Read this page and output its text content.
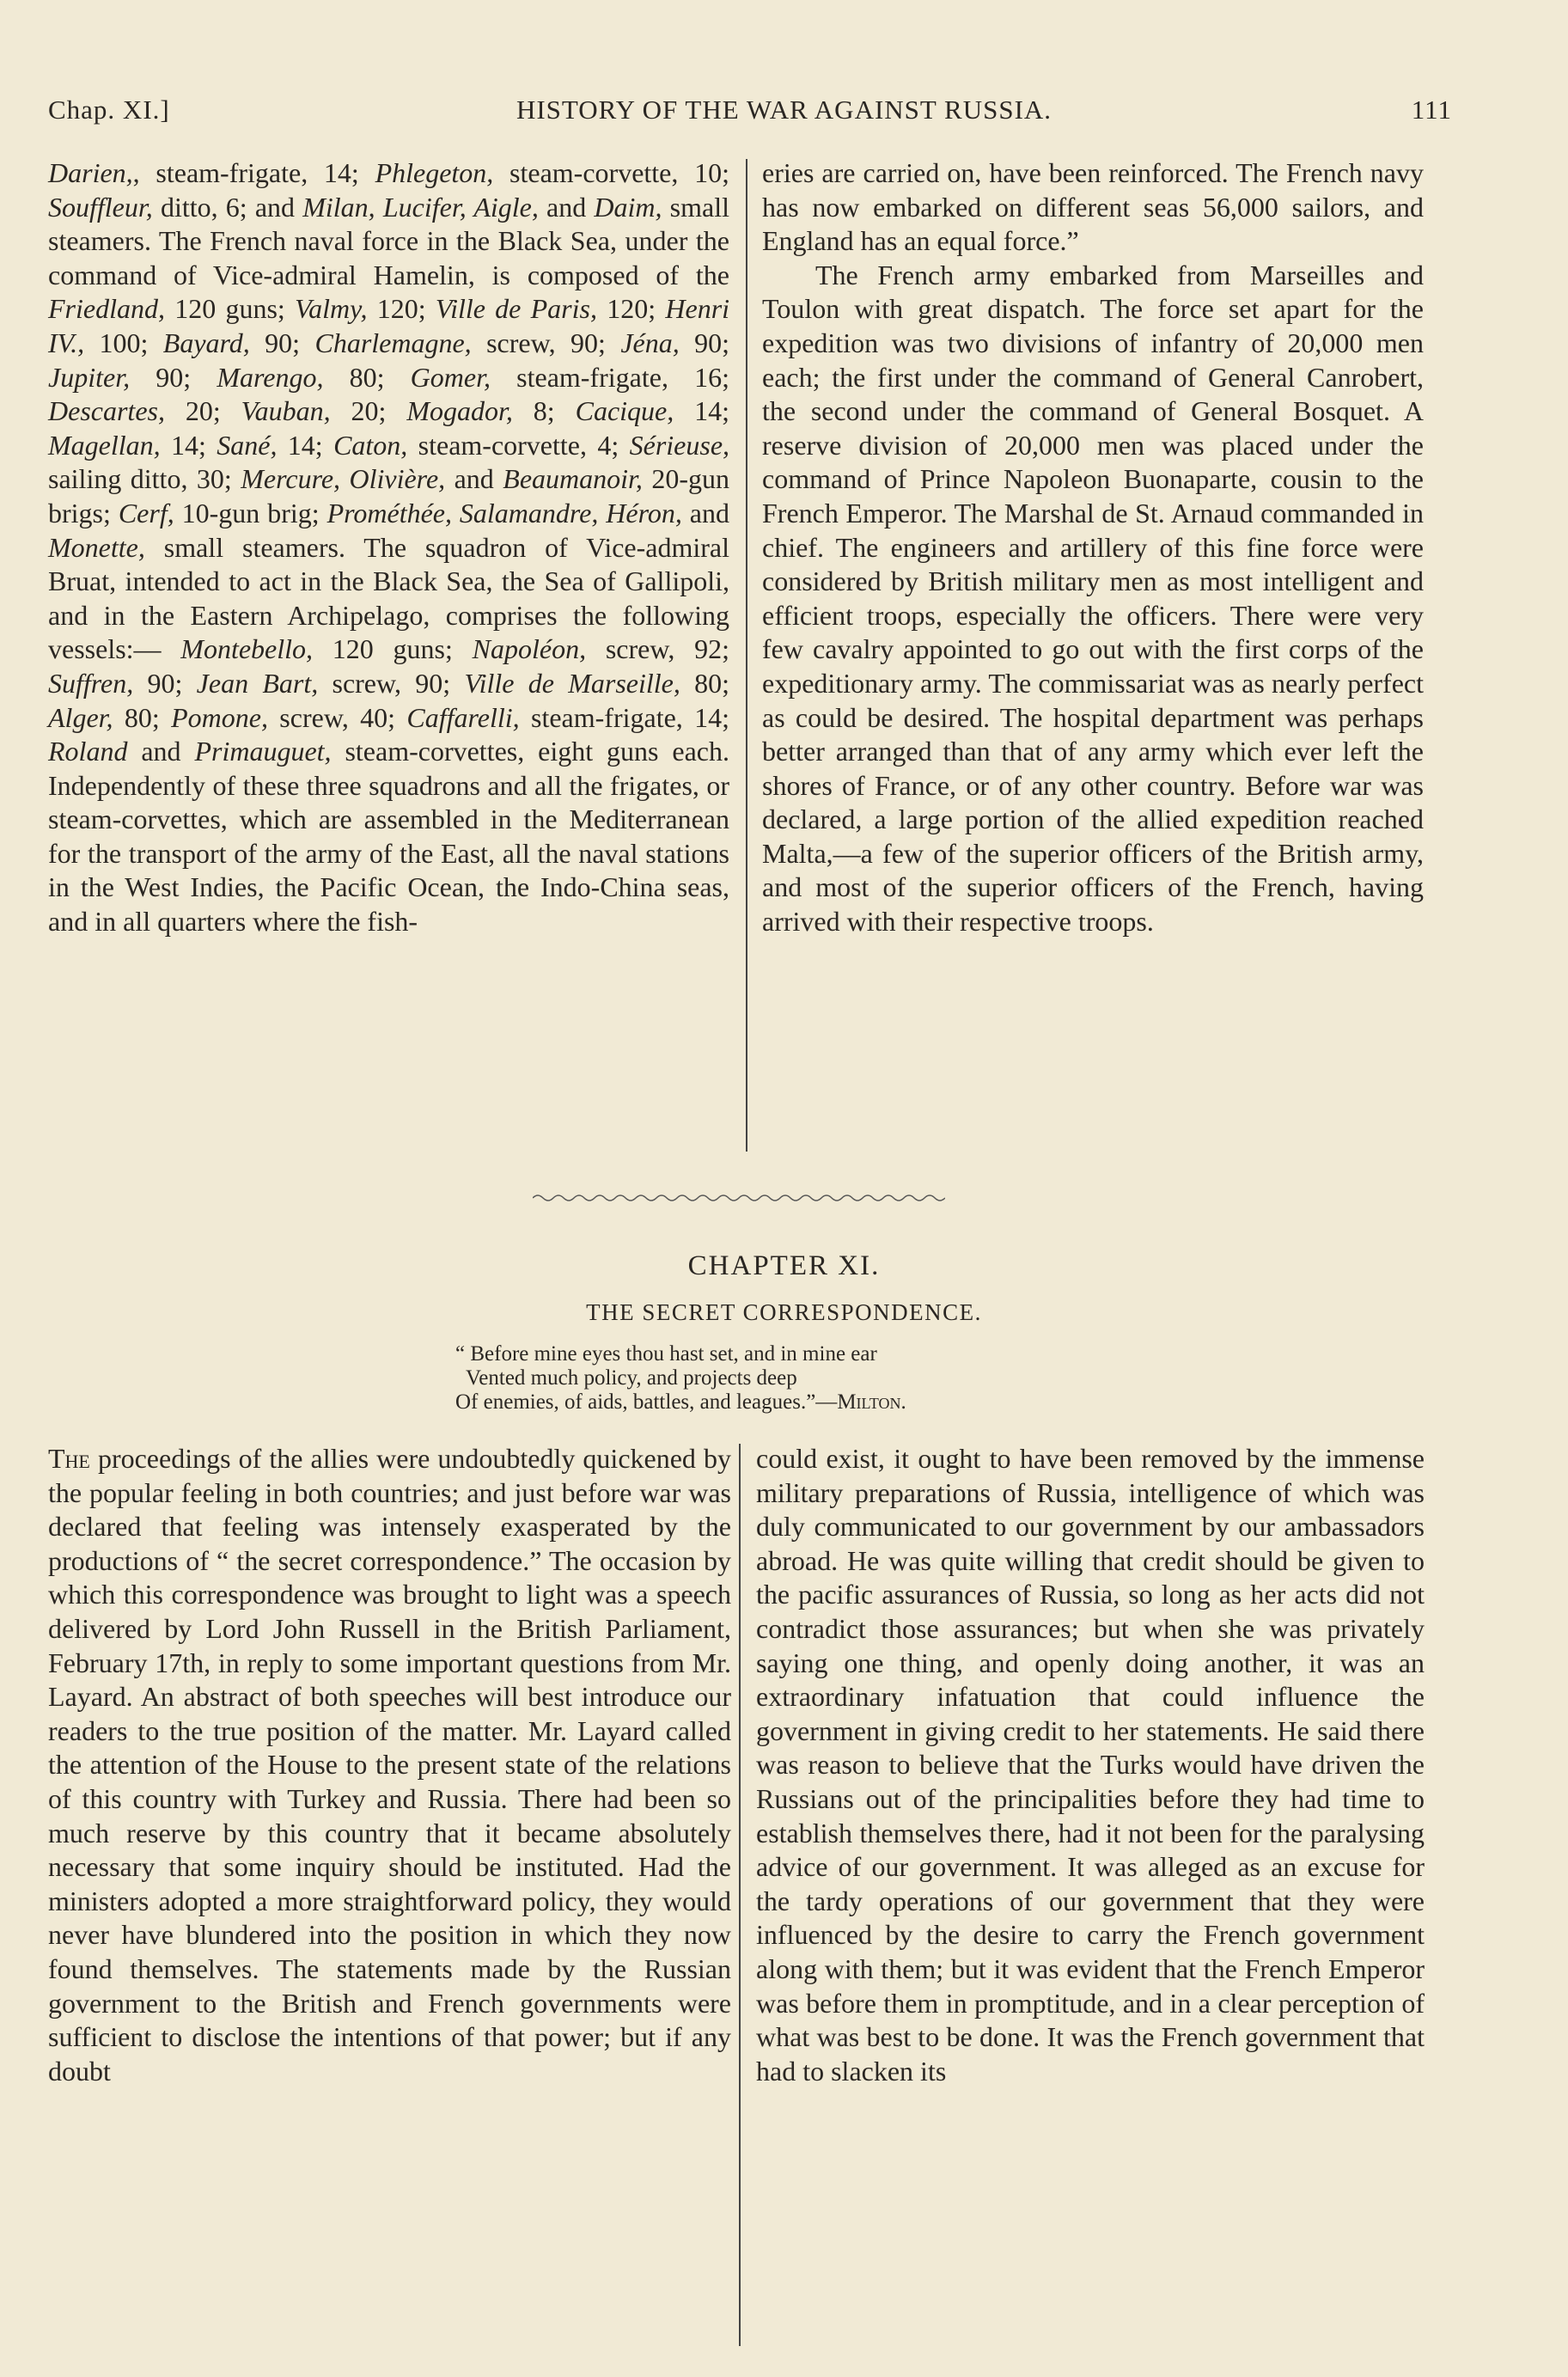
Chap. XI.]	HISTORY OF THE WAR AGAINST RUSSIA.	111

Darien,, steam-frigate, 14; Phlegeton, steam-corvette, 10; Souffleur, ditto, 6; and Milan, Lucifer, Aigle, and Daim, small steamers. The French naval force in the Black Sea, under the command of Vice-admiral Hamelin, is composed of the Friedland, 120 guns; Valmy, 120; Ville de Paris, 120; Henri IV., 100; Bayard, 90; Charlemagne, screw, 90; Jéna, 90; Jupiter, 90; Marengo, 80; Gomer, steam-frigate, 16; Descartes, 20; Vauban, 20; Mogador, 8; Cacique, 14; Magellan, 14; Sané, 14; Caton, steam-corvette, 4; Sérieuse, sailing ditto, 30; Mercure, Olivière, and Beaumanoir, 20-gun brigs; Cerf, 10-gun brig; Prométhée, Salamandre, Héron, and Monette, small steamers. The squadron of Vice-admiral Bruat, intended to act in the Black Sea, the Sea of Gallipoli, and in the Eastern Archipelago, comprises the following vessels:— Montebello, 120 guns; Napoléon, screw, 92; Suffren, 90; Jean Bart, screw, 90; Ville de Marseille, 80; Alger, 80; Pomone, screw, 40; Caffarelli, steam-frigate, 14; Roland and Primauguet, steam-corvettes, eight guns each. Independently of these three squadrons and all the frigates, or steam-corvettes, which are assembled in the Mediterranean for the transport of the army of the East, all the naval stations in the West Indies, the Pacific Ocean, the Indo-China seas, and in all quarters where the fish-

eries are carried on, have been reinforced. The French navy has now embarked on different seas 56,000 sailors, and England has an equal force.”

The French army embarked from Marseilles and Toulon with great dispatch. The force set apart for the expedition was two divisions of infantry of 20,000 men each; the first under the command of General Canrobert, the second under the command of General Bosquet. A reserve division of 20,000 men was placed under the command of Prince Napoleon Buonaparte, cousin to the French Emperor. The Marshal de St. Arnaud commanded in chief. The engineers and artillery of this fine force were considered by British military men as most intelligent and efficient troops, especially the officers. There were very few cavalry appointed to go out with the first corps of the expeditionary army. The commissariat was as nearly perfect as could be desired. The hospital department was perhaps better arranged than that of any army which ever left the shores of France, or of any other country. Before war was declared, a large portion of the allied expedition reached Malta,—a few of the superior officers of the British army, and most of the superior officers of the French, having arrived with their respective troops.

CHAPTER XI.
THE SECRET CORRESPONDENCE.
“ Before mine eyes thou hast set, and in mine ear
Vented much policy, and projects deep
Of enemies, of aids, battles, and leagues.”—Milton.

The proceedings of the allies were undoubtedly quickened by the popular feeling in both countries; and just before war was declared that feeling was intensely exasperated by the productions of “ the secret correspondence.” The occasion by which this correspondence was brought to light was a speech delivered by Lord John Russell in the British Parliament, February 17th, in reply to some important questions from Mr. Layard. An abstract of both speeches will best introduce our readers to the true position of the matter. Mr. Layard called the attention of the House to the present state of the relations of this country with Turkey and Russia. There had been so much reserve by this country that it became absolutely necessary that some inquiry should be instituted. Had the ministers adopted a more straightforward policy, they would never have blundered into the position in which they now found themselves. The statements made by the Russian government to the British and French governments were sufficient to disclose the intentions of that power; but if any doubt

could exist, it ought to have been removed by the immense military preparations of Russia, intelligence of which was duly communicated to our government by our ambassadors abroad. He was quite willing that credit should be given to the pacific assurances of Russia, so long as her acts did not contradict those assurances; but when she was privately saying one thing, and openly doing another, it was an extraordinary infatuation that could influence the government in giving credit to her statements. He said there was reason to believe that the Turks would have driven the Russians out of the principalities before they had time to establish themselves there, had it not been for the paralysing advice of our government. It was alleged as an excuse for the tardy operations of our government that they were influenced by the desire to carry the French government along with them; but it was evident that the French Emperor was before them in promptitude, and in a clear perception of what was best to be done. It was the French government that had to slacken its
